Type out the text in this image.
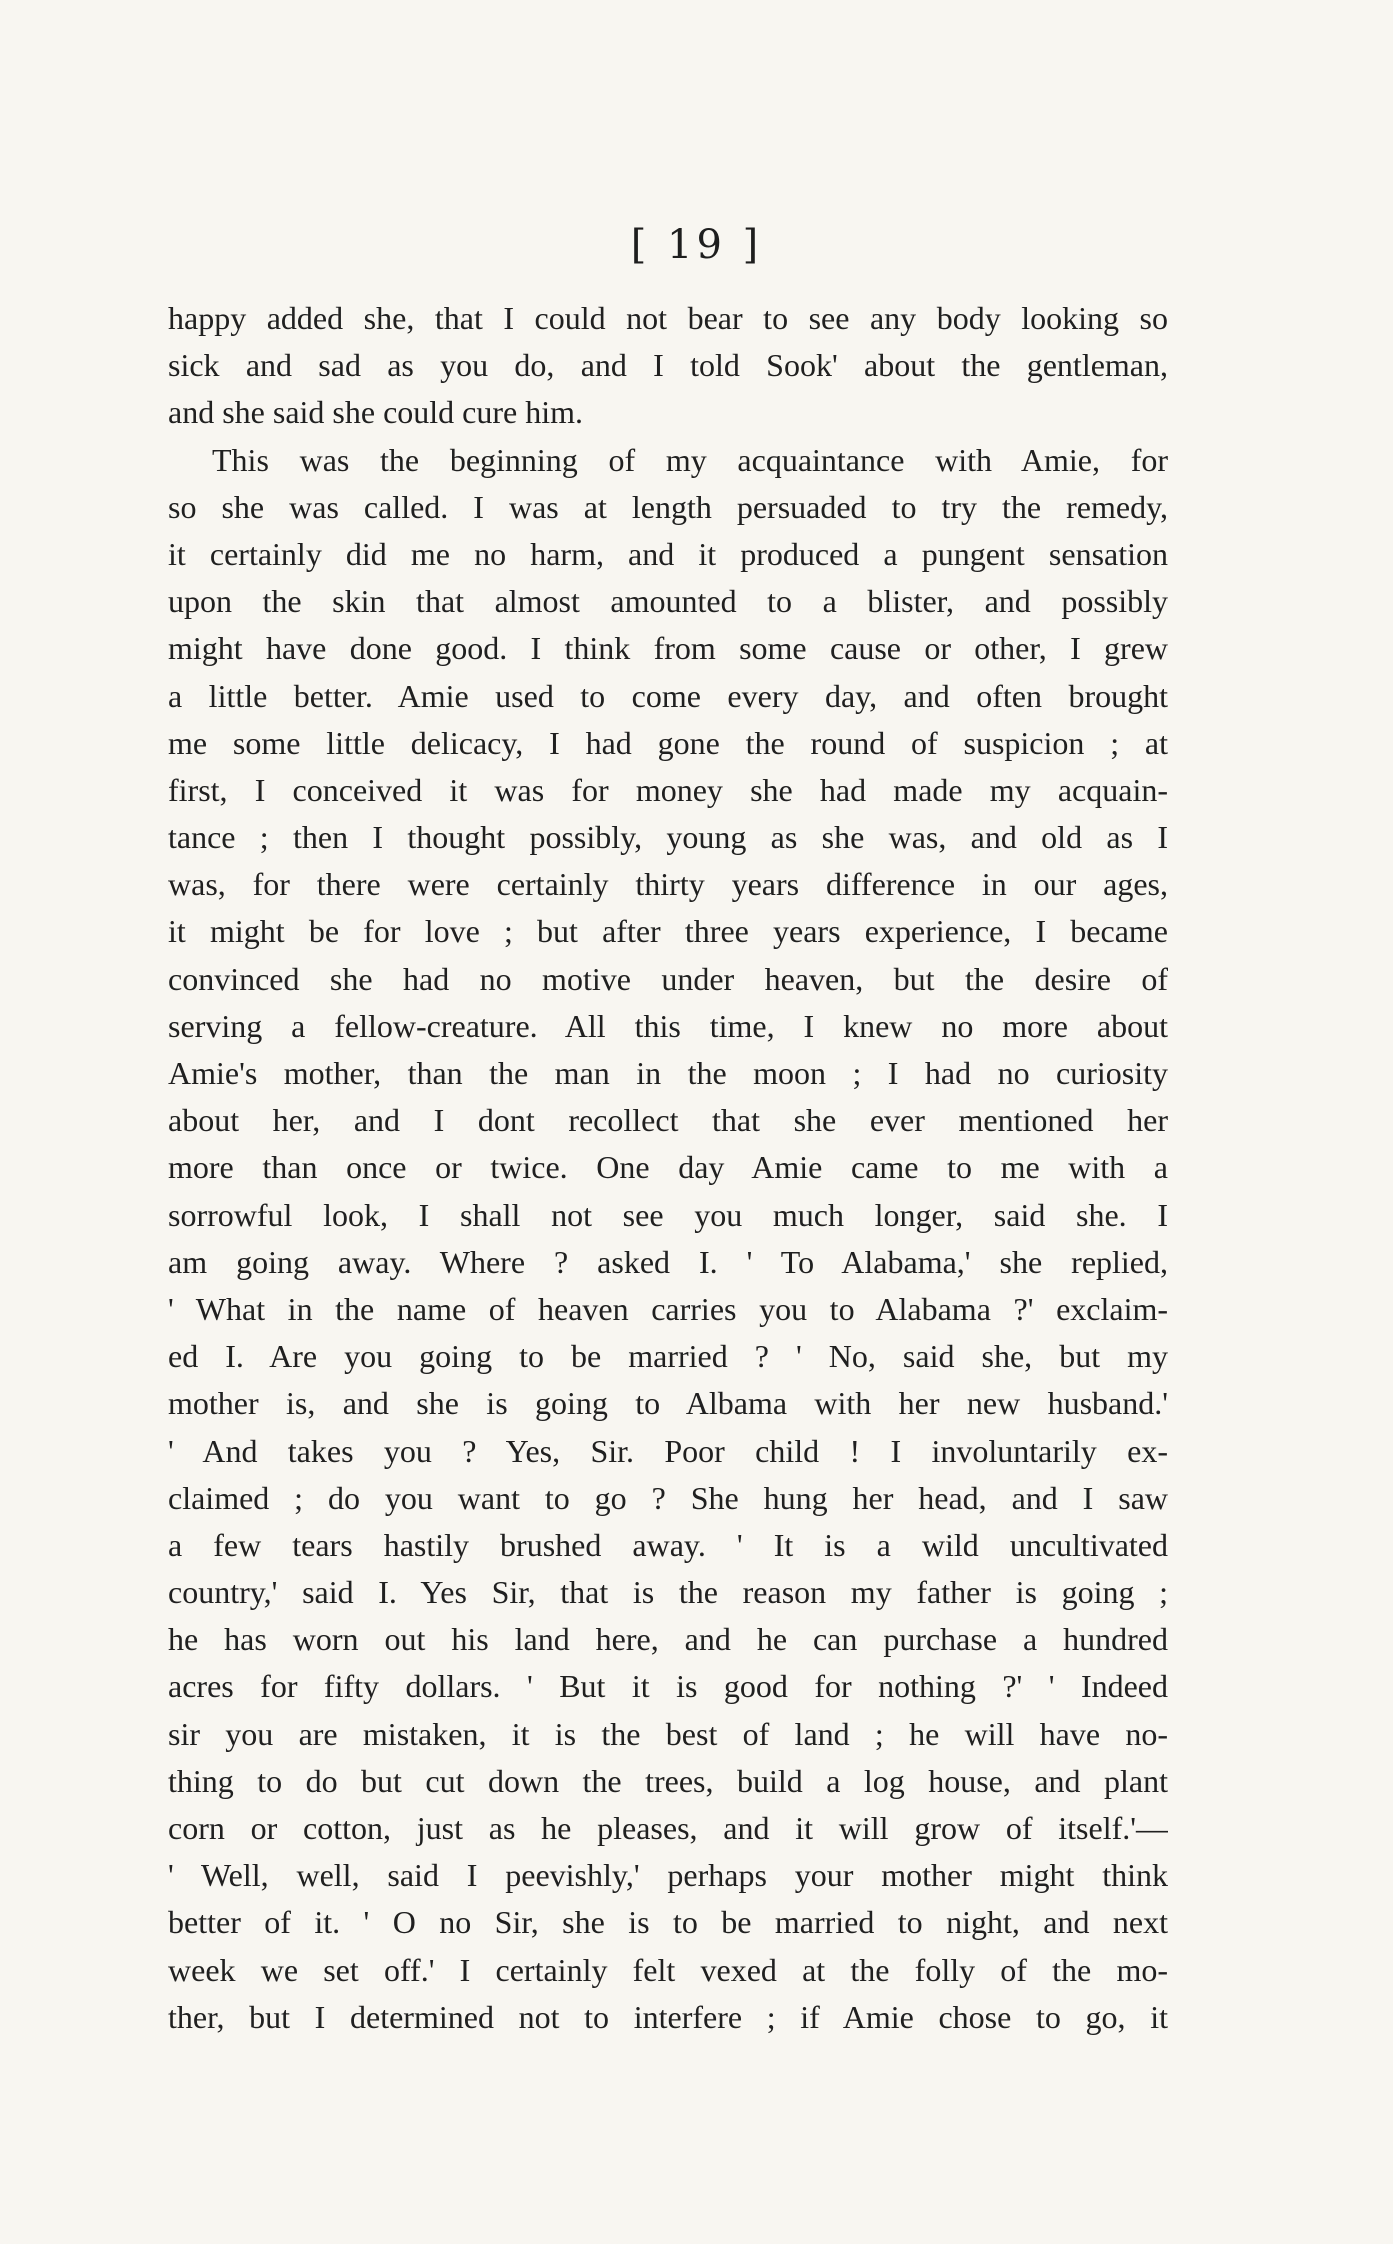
[ 19 ]

happy added she, that I could not bear to see any body looking so
sick and sad as you do, and I told Sook' about the gentleman,
and she said she could cure him.
This was the beginning of my acquaintance with Amie, for
so she was called. I was at length persuaded to try the remedy,
it certainly did me no harm, and it produced a pungent sensation
upon the skin that almost amounted to a blister, and possibly
might have done good. I think from some cause or other, I grew
a little better. Amie used to come every day, and often brought
me some little delicacy, I had gone the round of suspicion ; at
first, I conceived it was for money she had made my acquain-
tance ; then I thought possibly, young as she was, and old as I
was, for there were certainly thirty years difference in our ages,
it might be for love ; but after three years experience, I became
convinced she had no motive under heaven, but the desire of
serving a fellow-creature. All this time, I knew no more about
Amie's mother, than the man in the moon ; I had no curiosity
about her, and I dont recollect that she ever mentioned her
more than once or twice. One day Amie came to me with a
sorrowful look, I shall not see you much longer, said she. I
am going away. Where ? asked I. ' To Alabama,' she replied,
' What in the name of heaven carries you to Alabama ?' exclaim-
ed I. Are you going to be married ? ' No, said she, but my
mother is, and she is going to Albama with her new husband.'
' And takes you ? Yes, Sir. Poor child ! I involuntarily ex-
claimed ; do you want to go ? She hung her head, and I saw
a few tears hastily brushed away. ' It is a wild uncultivated
country,' said I. Yes Sir, that is the reason my father is going ;
he has worn out his land here, and he can purchase a hundred
acres for fifty dollars. ' But it is good for nothing ?' ' Indeed
sir you are mistaken, it is the best of land ; he will have no-
thing to do but cut down the trees, build a log house, and plant
corn or cotton, just as he pleases, and it will grow of itself.'—
' Well, well, said I peevishly,' perhaps your mother might think
better of it. ' O no Sir, she is to be married to night, and next
week we set off.' I certainly felt vexed at the folly of the mo-
ther, but I determined not to interfere ; if Amie chose to go, it
